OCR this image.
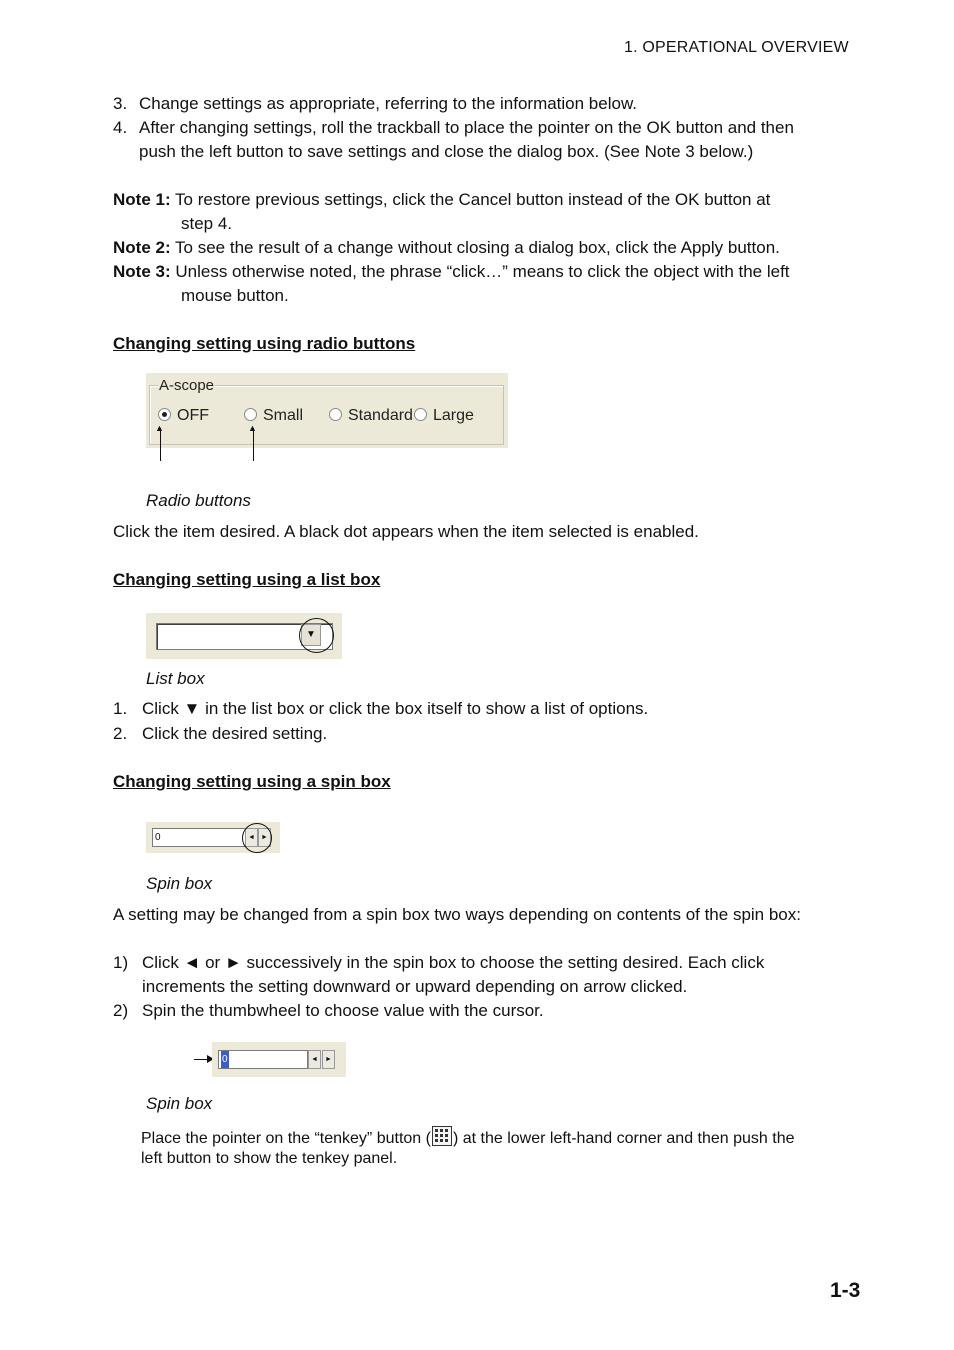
1. OPERATIONAL OVERVIEW
3. Change settings as appropriate, referring to the information below.
4. After changing settings, roll the trackball to place the pointer on the OK button and then
push the left button to save settings and close the dialog box. (See Note 3 below.)
Note 1: To restore previous settings, click the Cancel button instead of the OK button at
step 4.
Note 2: To see the result of a change without closing a dialog box, click the Apply button.
Note 3: Unless otherwise noted, the phrase “click…” means to click the object with the left
mouse button.
Changing setting using radio buttons
A-scope
OFF	Small	Standard	Large
▲	▲
Radio buttons
Click the item desired. A black dot appears when the item selected is enabled.
Changing setting using a list box
▼
List box
1. Click ▼ in the list box or click the box itself to show a list of options.
2. Click the desired setting.
Changing setting using a spin box
0	◄ ►
Spin box
A setting may be changed from a spin box two ways depending on contents of the spin box:
1) Click ◄ or ► successively in the spin box to choose the setting desired. Each click
increments the setting downward or upward depending on arrow clicked.
2) Spin the thumbwheel to choose value with the cursor.
0	◄	►
Spin box
Place the pointer on the “tenkey” button ( ) at the lower left-hand corner and then push the
left button to show the tenkey panel.
1-3
